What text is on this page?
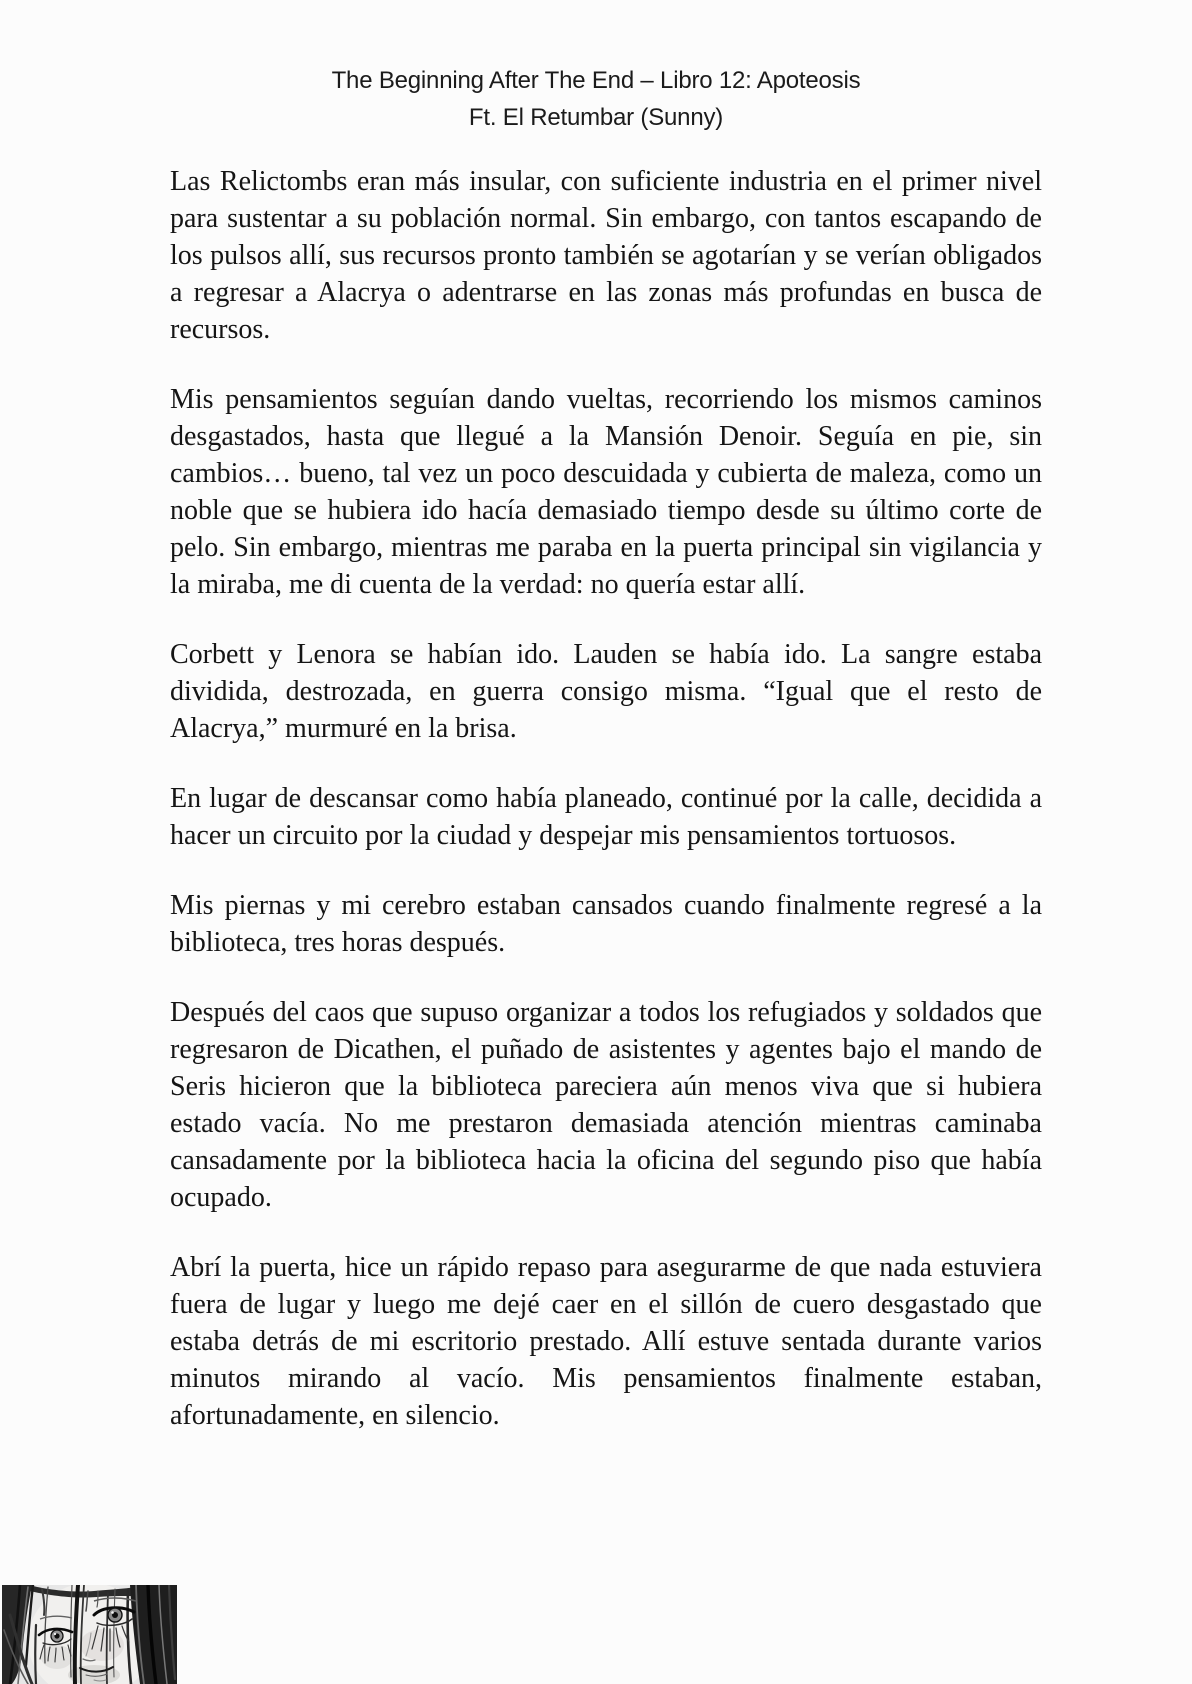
The Beginning After The End – Libro 12: Apoteosis
Ft. El Retumbar (Sunny)

Las Relictombs eran más insular, con suficiente industria en el primer nivel para sustentar a su población normal. Sin embargo, con tantos escapando de los pulsos allí, sus recursos pronto también se agotarían y se verían obligados a regresar a Alacrya o adentrarse en las zonas más profundas en busca de recursos.

Mis pensamientos seguían dando vueltas, recorriendo los mismos caminos desgastados, hasta que llegué a la Mansión Denoir. Seguía en pie, sin cambios… bueno, tal vez un poco descuidada y cubierta de maleza, como un noble que se hubiera ido hacía demasiado tiempo desde su último corte de pelo. Sin embargo, mientras me paraba en la puerta principal sin vigilancia y la miraba, me di cuenta de la verdad: no quería estar allí.

Corbett y Lenora se habían ido. Lauden se había ido. La sangre estaba dividida, destrozada, en guerra consigo misma. “Igual que el resto de Alacrya,” murmuré en la brisa.

En lugar de descansar como había planeado, continué por la calle, decidida a hacer un circuito por la ciudad y despejar mis pensamientos tortuosos.

Mis piernas y mi cerebro estaban cansados cuando finalmente regresé a la biblioteca, tres horas después.

Después del caos que supuso organizar a todos los refugiados y soldados que regresaron de Dicathen, el puñado de asistentes y agentes bajo el mando de Seris hicieron que la biblioteca pareciera aún menos viva que si hubiera estado vacía. No me prestaron demasiada atención mientras caminaba cansadamente por la biblioteca hacia la oficina del segundo piso que había ocupado.

Abrí la puerta, hice un rápido repaso para asegurarme de que nada estuviera fuera de lugar y luego me dejé caer en el sillón de cuero desgastado que estaba detrás de mi escritorio prestado. Allí estuve sentada durante varios minutos mirando al vacío. Mis pensamientos finalmente estaban, afortunadamente, en silencio.
